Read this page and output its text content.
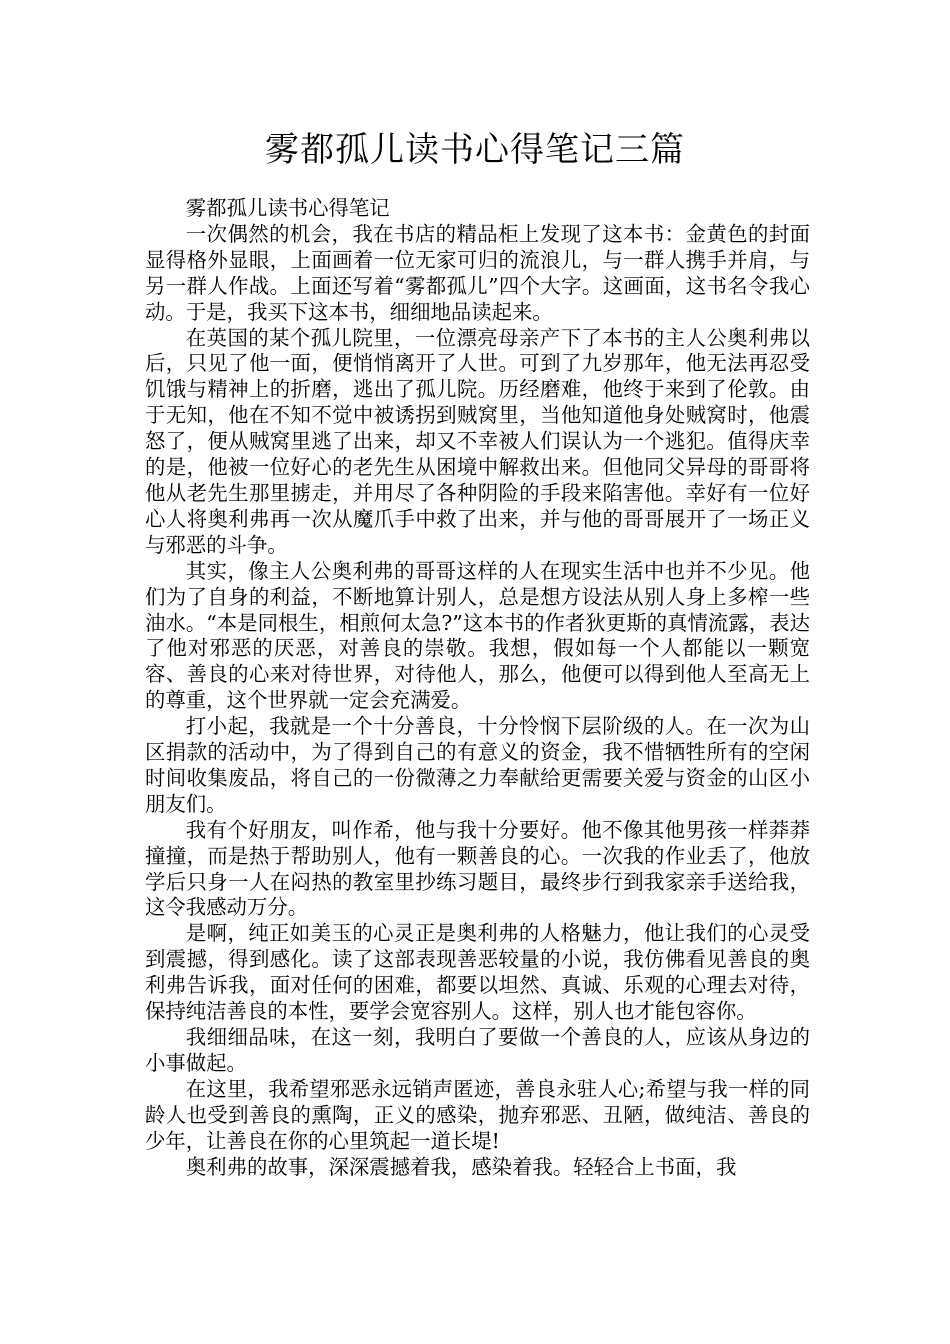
雾都孤儿读书心得笔记三篇

雾都孤儿读书心得笔记

一次偶然的机会，我在书店的精品柜上发现了这本书：金黄色的封面显得格外显眼，上面画着一位无家可归的流浪儿，与一群人携手并肩，与另一群人作战。上面还写着“雾都孤儿”四个大字。这画面，这书名令我心动。于是，我买下这本书，细细地品读起来。

在英国的某个孤儿院里，一位漂亮母亲产下了本书的主人公奥利弗以后，只见了他一面，便悄悄离开了人世。可到了九岁那年，他无法再忍受饥饿与精神上的折磨，逃出了孤儿院。历经磨难，他终于来到了伦敦。由于无知，他在不知不觉中被诱拐到贼窝里，当他知道他身处贼窝时，他震怒了，便从贼窝里逃了出来，却又不幸被人们误认为一个逃犯。值得庆幸的是，他被一位好心的老先生从困境中解救出来。但他同父异母的哥哥将他从老先生那里掳走，并用尽了各种阴险的手段来陷害他。幸好有一位好心人将奥利弗再一次从魔爪手中救了出来，并与他的哥哥展开了一场正义与邪恶的斗争。

其实，像主人公奥利弗的哥哥这样的人在现实生活中也并不少见。他们为了自身的利益，不断地算计别人，总是想方设法从别人身上多榨一些油水。“本是同根生，相煎何太急?”这本书的作者狄更斯的真情流露，表达了他对邪恶的厌恶，对善良的崇敬。我想，假如每一个人都能以一颗宽容、善良的心来对待世界，对待他人，那么，他便可以得到他人至高无上的尊重，这个世界就一定会充满爱。

打小起，我就是一个十分善良，十分怜悯下层阶级的人。在一次为山区捐款的活动中，为了得到自己的有意义的资金，我不惜牺牲所有的空闲时间收集废品，将自己的一份微薄之力奉献给更需要关爱与资金的山区小朋友们。

我有个好朋友，叫作希，他与我十分要好。他不像其他男孩一样莽莽撞撞，而是热于帮助别人，他有一颗善良的心。一次我的作业丢了，他放学后只身一人在闷热的教室里抄练习题目，最终步行到我家亲手送给我，这令我感动万分。

是啊，纯正如美玉的心灵正是奥利弗的人格魅力，他让我们的心灵受到震撼，得到感化。读了这部表现善恶较量的小说，我仿佛看见善良的奥利弗告诉我，面对任何的困难，都要以坦然、真诚、乐观的心理去对待，保持纯洁善良的本性，要学会宽容别人。这样，别人也才能包容你。

我细细品味，在这一刻，我明白了要做一个善良的人，应该从身边的小事做起。

在这里，我希望邪恶永远销声匿迹，善良永驻人心;希望与我一样的同龄人也受到善良的熏陶，正义的感染，抛弃邪恶、丑陋，做纯洁、善良的少年，让善良在你的心里筑起一道长堤!

奥利弗的故事，深深震撼着我，感染着我。轻轻合上书面，我
